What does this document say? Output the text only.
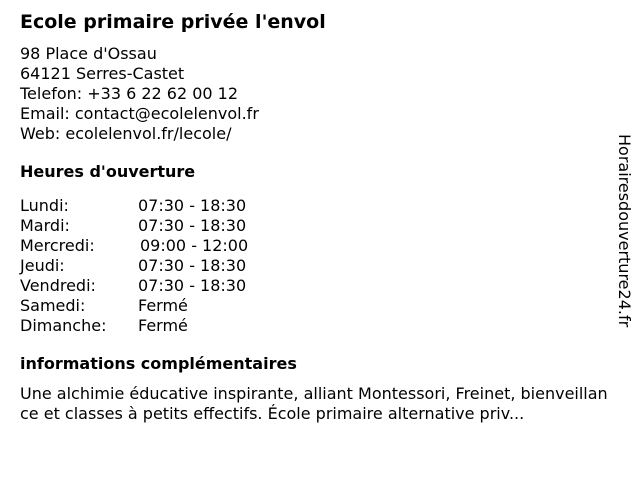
Ecole primaire privée l'envol
98 Place d'Ossau
64121 Serres-Castet
Telefon: +33 6 22 62 00 12
Email: contact@ecolelenvol.fr
Web: ecolelenvol.fr/lecole/
Heures d'ouverture
Lundi:	07:30 - 18:30
Mardi:	07:30 - 18:30
Mercredi:	09:00 - 12:00
Jeudi:	07:30 - 18:30
Vendredi:	07:30 - 18:30
Samedi:	Fermé
Dimanche:	Fermé
informations complémentaires

Une alchimie éducative inspirante, alliant Montessori, Freinet, bienveillance et classes à petits effectifs. École primaire alternative priv...

Horairesdouverture24.fr
